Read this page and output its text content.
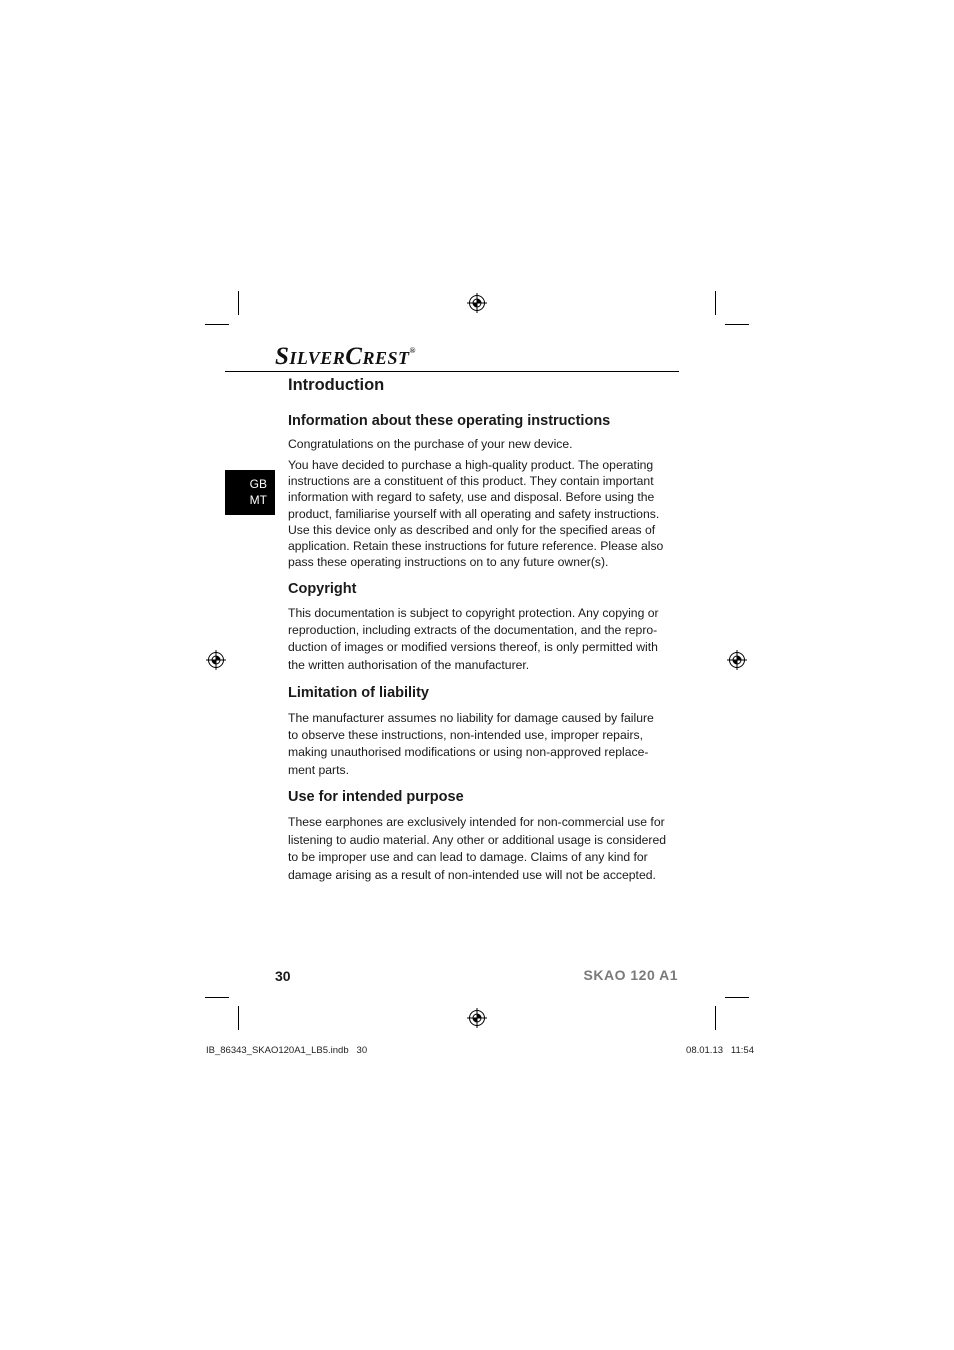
SILVERCREST®
Introduction
GB
MT
Information about these operating instructions

Congratulations on the purchase of your new device.

You have decided to purchase a high-quality product. The operating
instructions are a constituent of this product. They contain important
information with regard to safety, use and disposal. Before using the
product, familiarise yourself with all operating and safety instructions.
Use this device only as described and only for the specified areas of
application. Retain these instructions for future reference. Please also
pass these operating instructions on to any future owner(s).

Copyright

This documentation is subject to copyright protection. Any copying or
reproduction, including extracts of the documentation, and the repro-
duction of images or modified versions thereof, is only permitted with
the written authorisation of the manufacturer.

Limitation of liability

The manufacturer assumes no liability for damage caused by failure
to observe these instructions, non-intended use, improper repairs,
making unauthorised modifications or using non-approved replace-
ment parts.

Use for intended purpose

These earphones are exclusively intended for non-commercial use for
listening to audio material. Any other or additional usage is considered
to be improper use and can lead to damage. Claims of any kind for
damage arising as a result of non-intended use will not be accepted.

30	SKAO 120 A1
IB_86343_SKAO120A1_LB5.indb   30	08.01.13   11:54
